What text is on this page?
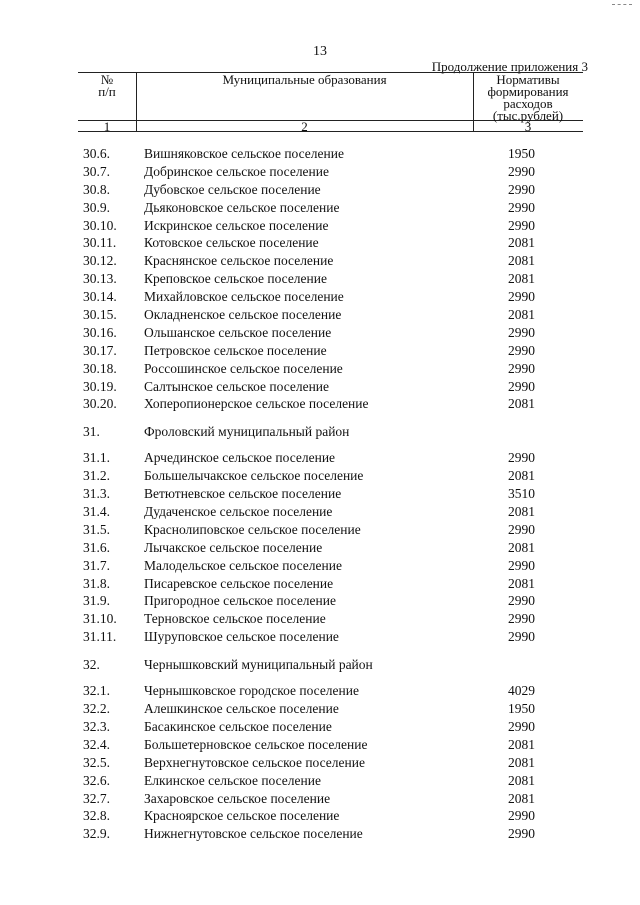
13
Продолжение приложения 3
№
п/п
Муниципальные образования	Нормативы
формирования
расходов
(тыс.рублей)
1	2	3
30.6.	Вишняковское сельское поселение	1950
30.7.	Добринское сельское поселение	2990
30.8.	Дубовское сельское поселение	2990
30.9.	Дьяконовское сельское поселение	2990
30.10. Искринское сельское поселение	2990
30.11. Котовское сельское поселение	2081
30.12. Краснянское сельское поселение	2081
30.13. Креповское сельское поселение	2081
30.14. Михайловское сельское поселение	2990
30.15. Окладненское сельское поселение	2081
30.16. Ольшанское сельское поселение	2990
30.17. Петровское сельское поселение	2990
30.18. Россошинское сельское поселение	2990
30.19. Салтынское сельское поселение	2990
30.20. Хоперопионерское сельское поселение	2081
31.	Фроловский муниципальный район
31.1.	Арчединское сельское поселение	2990
31.2.	Большелычакское сельское поселение	2081
31.3.	Ветютневское сельское поселение	3510
31.4.	Дудаченское сельское поселение	2081
31.5.	Краснолиповское сельское поселение	2990
31.6.	Лычакское сельское поселение	2081
31.7.	Малодельское сельское поселение	2990
31.8.	Писаревское сельское поселение	2081
31.9.	Пригородное сельское поселение	2990
31.10. Терновское сельское поселение	2990
31.11. Шуруповское сельское поселение	2990
32.	Чернышковский муниципальный район
32.1.	Чернышковское городское поселение	4029
32.2.	Алешкинское сельское поселение	1950
32.3.	Басакинское сельское поселение	2990
32.4.	Большетерновское сельское поселение	2081
32.5.	Верхнегнутовское сельское поселение	2081
32.6.	Елкинское сельское поселение	2081
32.7.	Захаровское сельское поселение	2081
32.8.	Красноярское сельское поселение	2990
32.9.	Нижнегнутовское сельское поселение	2990
